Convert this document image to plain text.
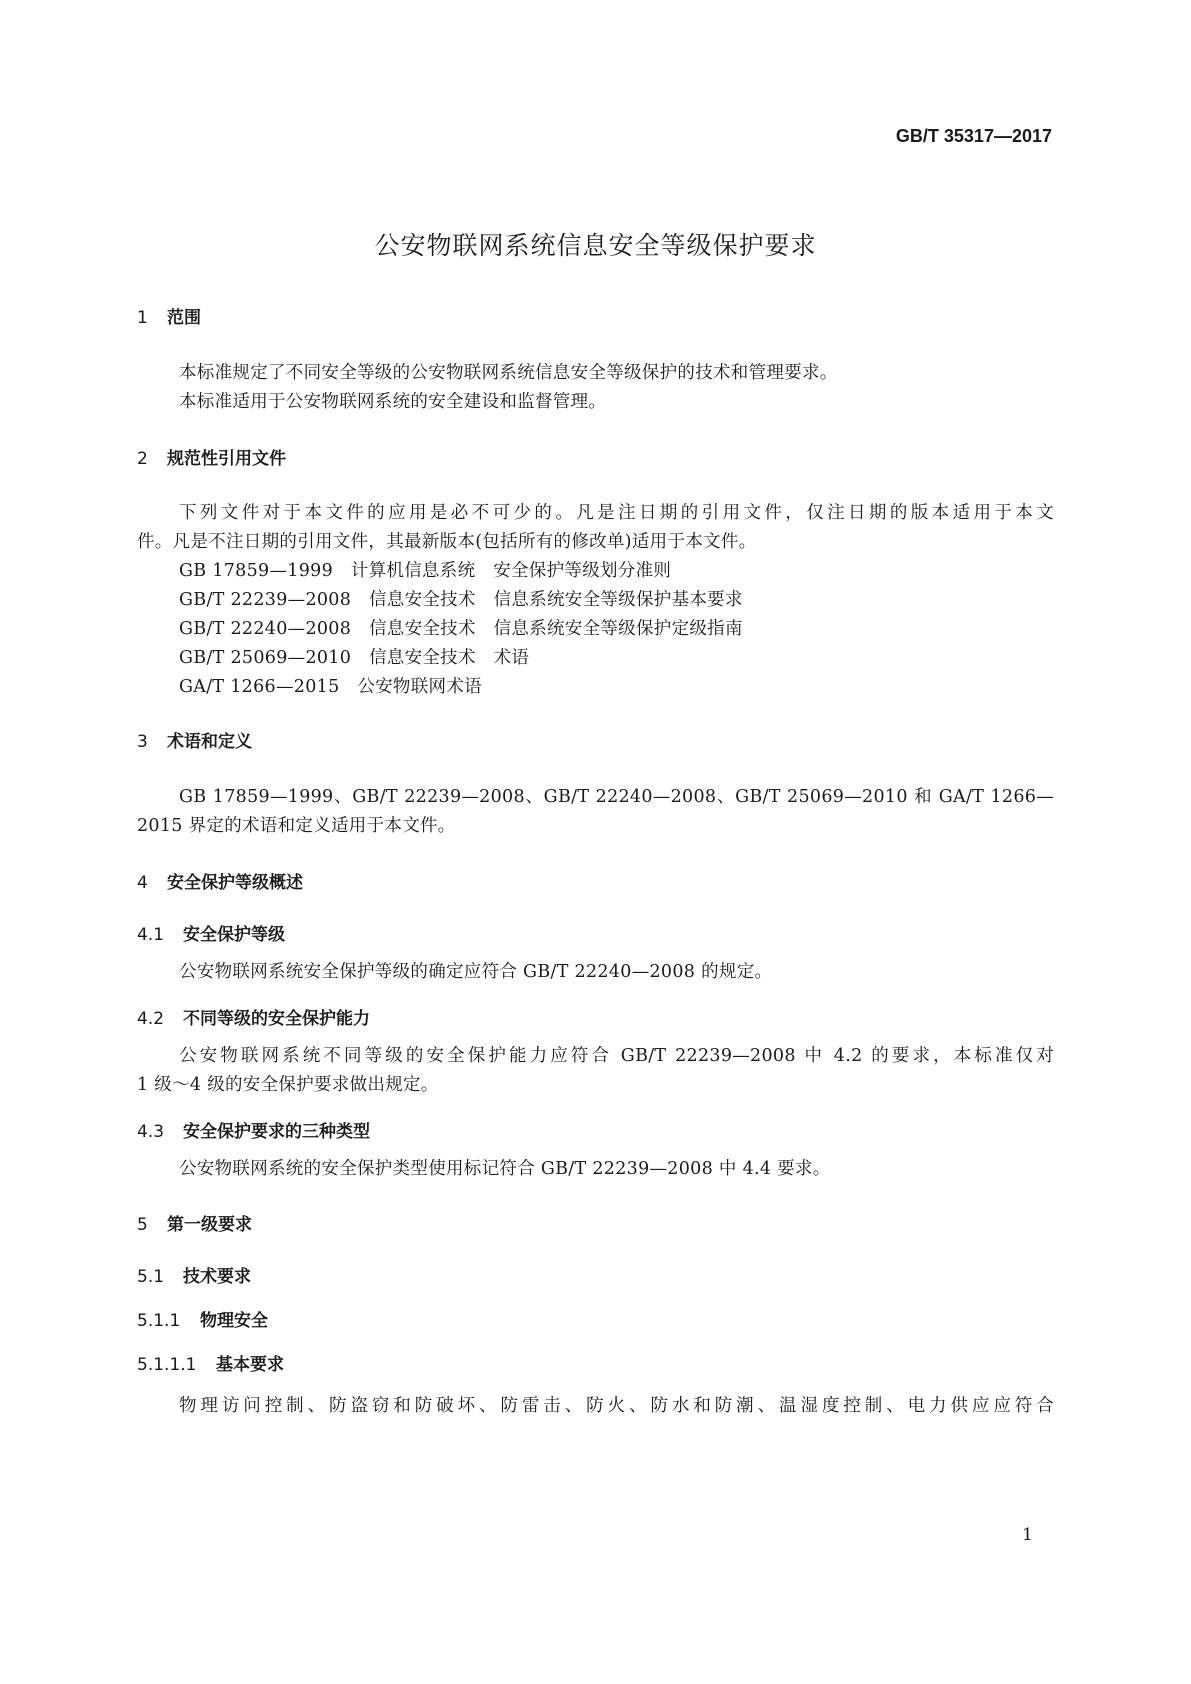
GB/T 35317—2017
公安物联网系统信息安全等级保护要求
1 范围
本标准规定了不同安全等级的公安物联网系统信息安全等级保护的技术和管理要求。
本标准适用于公安物联网系统的安全建设和监督管理。
2 规范性引用文件
下列文件对于本文件的应用是必不可少的。凡是注日期的引用文件，仅注日期的版本适用于本文
件。凡是不注日期的引用文件，其最新版本(包括所有的修改单)适用于本文件。
GB 17859—1999　计算机信息系统　安全保护等级划分准则
GB/T 22239—2008　信息安全技术　信息系统安全等级保护基本要求
GB/T 22240—2008　信息安全技术　信息系统安全等级保护定级指南
GB/T 25069—2010　信息安全技术　术语
GA/T 1266—2015　公安物联网术语
3 术语和定义
GB 17859—1999、GB/T 22239—2008、GB/T 22240—2008、GB/T 25069—2010 和 GA/T 1266—
2015 界定的术语和定义适用于本文件。
4 安全保护等级概述
4.1 安全保护等级
公安物联网系统安全保护等级的确定应符合 GB/T 22240—2008 的规定。
4.2 不同等级的安全保护能力
公安物联网系统不同等级的安全保护能力应符合 GB/T 22239—2008 中 4.2 的要求，本标准仅对
1 级～4 级的安全保护要求做出规定。
4.3 安全保护要求的三种类型
公安物联网系统的安全保护类型使用标记符合 GB/T 22239—2008 中 4.4 要求。
5 第一级要求
5.1 技术要求
5.1.1 物理安全
5.1.1.1 基本要求
物理访问控制、防盗窃和防破坏、防雷击、防火、防水和防潮、温湿度控制、电力供应应符合
1
